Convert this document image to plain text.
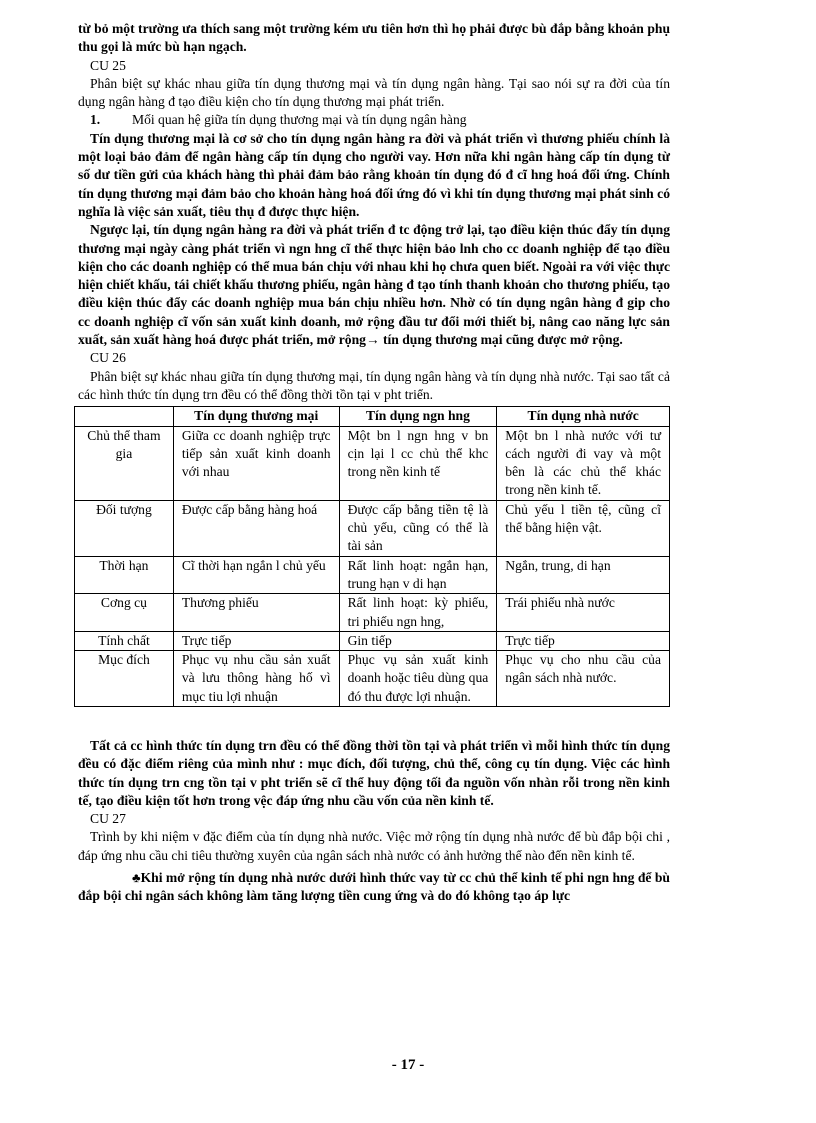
từ bỏ một trường ưa thích sang một trường kém ưu tiên hơn thì họ phải được bù đắp bằng khoản phụ thu gọi là mức bù hạn ngạch.

CU 25

Phân biệt sự khác nhau giữa tín dụng thương mại và tín dụng ngân hàng. Tại sao nói sự ra đời của tín dụng ngân hàng đ tạo điều kiện cho tín dụng thương mại phát triển.

1. Mối quan hệ giữa tín dụng thương mại và tín dụng ngân hàng

Tín dụng thương mại là cơ sở cho tín dụng ngân hàng ra đời và phát triển vì thương phiếu chính là một loại bảo đảm để ngân hàng cấp tín dụng cho người vay. Hơn nữa khi ngân hàng cấp tín dụng từ số dư tiền gửi của khách hàng thì phải đảm bảo rằng khoản tín dụng đó đ cĩ hng hoá đối ứng. Chính tín dụng thương mại đảm bảo cho khoản hàng hoá đối ứng đó vì khi tín dụng thương mại phát sinh có nghĩa là việc sản xuất, tiêu thụ đ được thực hiện.

Ngược lại, tín dụng ngân hàng ra đời và phát triển đ tc động trở lại, tạo điều kiện thúc đẩy tín dụng thương mại ngày càng phát triển vì ngn hng cĩ thể thực hiện bảo lnh cho cc doanh nghiệp để tạo điều kiện cho các doanh nghiệp có thể mua bán chịu với nhau khi họ chưa quen biết. Ngoài ra với việc thực hiện chiết khấu, tái chiết khấu thương phiếu, ngân hàng đ tạo tính thanh khoản cho thương phiếu, tạo điều kiện thúc đẩy các doanh nghiệp mua bán chịu nhiều hơn. Nhờ có tín dụng ngân hàng đ gip cho cc doanh nghiệp cĩ vốn sản xuất kinh doanh, mở rộng đầu tư đổi mới thiết bị, nâng cao năng lực sản xuất, sản xuất hàng hoá được phát triển, mở rộng→ tín dụng thương mại cũng được mở rộng.

CU 26

Phân biệt sự khác nhau giữa tín dụng thương mại, tín dụng ngân hàng và tín dụng nhà nước. Tại sao tất cả các hình thức tín dụng trn đều có thể đồng thời tồn tại v pht triển.

	Tín dụng thương mại	Tín dụng ngn hng	Tín dụng nhà nước
Chủ thể tham gia	Giữa cc doanh nghiệp trực tiếp sản xuất kinh doanh với nhau	Một bn l ngn hng v bn cịn lại l cc chủ thể khc trong nền kinh tế	Một bn l nhà nước với tư cách người đi vay và một bên là các chủ thể khác trong nền kinh tế.
Đối tượng	Được cấp bằng hàng hoá	Được cấp bằng tiền tệ là chủ yếu, cũng có thể là tài sản	Chủ yếu l tiền tệ, cũng cĩ thể bằng hiện vật.
Thời hạn	Cĩ thời hạn ngắn l chủ yếu	Rất linh hoạt: ngắn hạn, trung hạn v di hạn	Ngắn, trung, di hạn
Cơng cụ	Thương phiếu	Rất linh hoạt: kỳ phiếu, tri phiếu ngn hng,	Trái phiếu nhà nước
Tính chất	Trực tiếp	Gin tiếp	Trực tiếp
Mục đích	Phục vụ nhu cầu sản xuất và lưu thông hàng hố vì mục tiu lợi nhuận	Phục vụ sản xuất kinh doanh hoặc tiêu dùng qua đó thu được lợi nhuận.	Phục vụ cho nhu cầu của ngân sách nhà nước.

Tất cả cc hình thức tín dụng trn đều có thể đồng thời tồn tại và phát triển vì mỗi hình thức tín dụng đều có đặc điểm riêng của mình như : mục đích, đối tượng, chủ thể, công cụ tín dụng. Việc các hình thức tín dụng trn cng tồn tại v pht triển sẽ cĩ thể huy động tối đa nguồn vốn nhàn rỗi trong nền kinh tế, tạo điều kiện tốt hơn trong vệc đáp ứng nhu cầu vốn của nền kinh tế.

CU 27

Trình by khi niệm v đặc điểm của tín dụng nhà nước. Việc mở rộng tín dụng nhà nước để bù đắp bội chi , đáp ứng nhu cầu chi tiêu thường xuyên của ngân sách nhà nước có ảnh hưởng thế nào đến nền kinh tế.

♣Khi mở rộng tín dụng nhà nước dưới hình thức vay từ cc chủ thể kinh tế phi ngn hng để bù đắp bội chi ngân sách không làm tăng lượng tiền cung ứng và do đó không tạo áp lực

- 17 -
